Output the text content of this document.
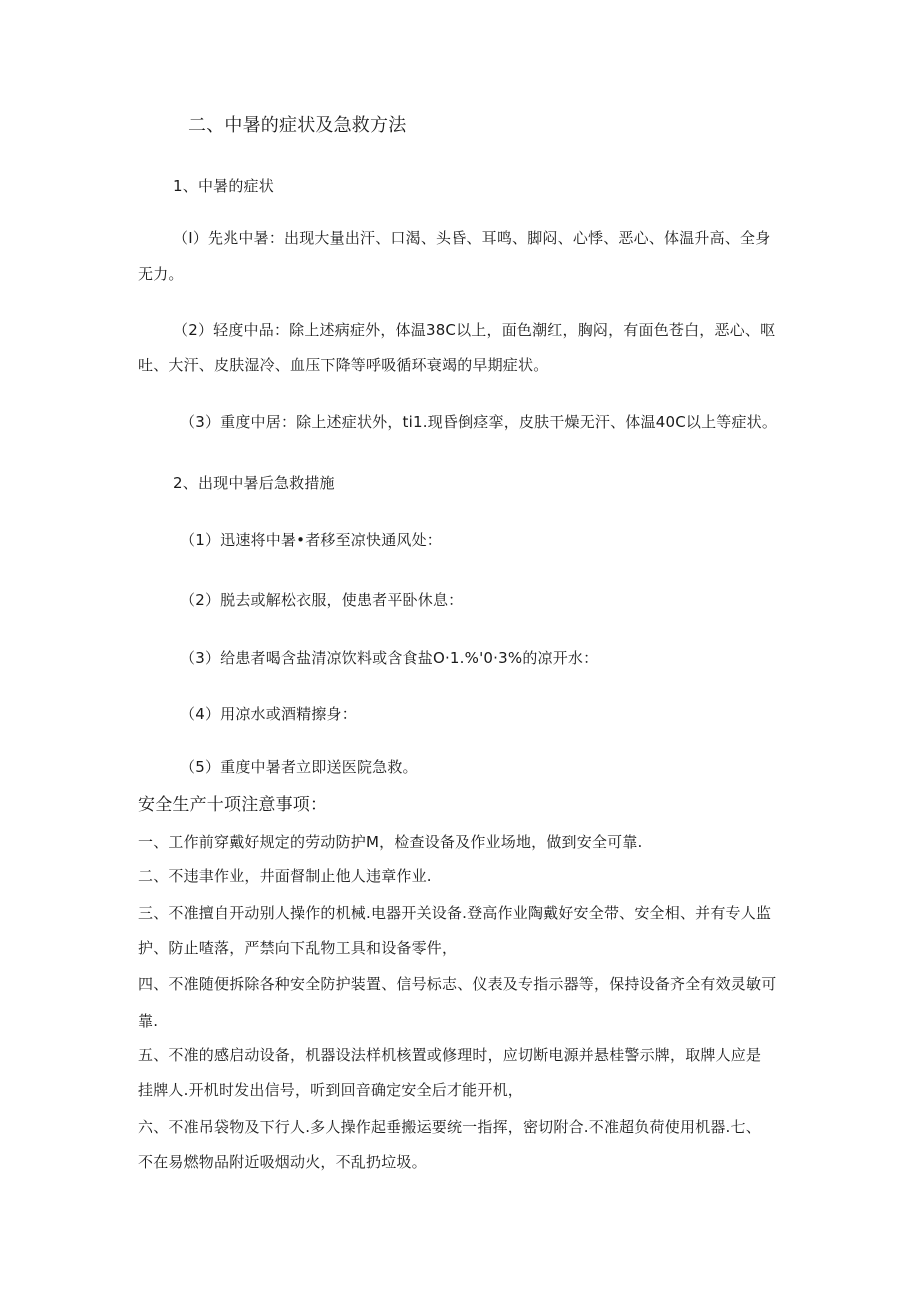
二、中暑的症状及急救方法
1、中暑的症状
（I）先兆中暑：出现大量出汗、口渴、头昏、耳鸣、脚闷、心悸、恶心、体温升高、全身
无力。
（2）轻度中品：除上述病症外，体温38C以上，面色潮红，胸闷，有面色苍白，恶心、呕
吐、大汗、皮肤湿冷、血压下降等呼吸循环衰竭的早期症状。
（3）重度中居：除上述症状外，ti1.现昏倒痉挛，皮肤干燥无汗、体温40C以上等症状。
2、出现中暑后急救措施
（1）迅速将中暑•者移至凉快通风处：
（2）脱去或解松衣服，使患者平卧休息：
（3）给患者喝含盐清凉饮料或含食盐O·1.%'0·3%的凉开水：
（4）用凉水或酒精擦身：
（5）重度中暑者立即送医院急救。
安全生产十项注意事项：
一、工作前穿戴好规定的劳动防护M，检查设备及作业场地，做到安全可靠.
二、不违聿作业，井面督制止他人违章作业.
三、不准擅自开动别人操作的机械.电器开关设备.登高作业陶戴好安全带、安全相、并有专人监
护、防止喳落，严禁向下乱物工具和设备零件，
四、不准随便拆除各种安全防护装置、信号标志、仪表及专指示器等，保持设备齐全有效灵敏可
靠.
五、不准的感启动设备，机器设法样机核置或修理时，应切断电源并悬桂警示牌，取牌人应是
挂牌人.开机时发出信号，听到回音确定安全后才能开机，
六、不准吊袋物及下行人.多人操作起垂搬运要统一指挥，密切附合.不准超负荷使用机器.七、
不在易燃物品附近吸烟动火，不乱扔垃圾。
